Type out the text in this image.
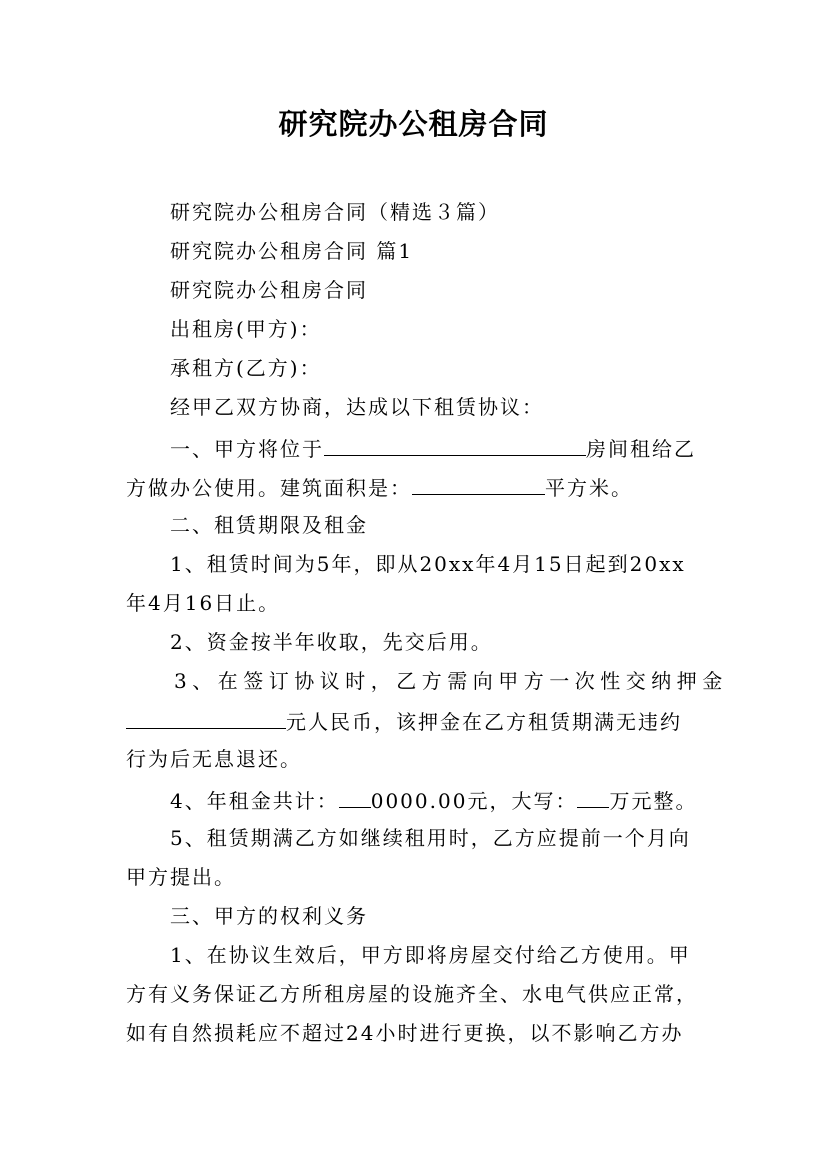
研究院办公租房合同
研究院办公租房合同（精选３篇）
研究院办公租房合同 篇1
研究院办公租房合同
出租房(甲方)：
承租方(乙方)：
经甲乙双方协商，达成以下租赁协议：
一、甲方将位于	房间租给乙
方做办公使用。建筑面积是：	平方米。
二、租赁期限及租金
1、租赁时间为5年，即从20xx年4月15日起到20xx
年4月16日止。
2、资金按半年收取，先交后用。
3、在签订协议时，乙方需向甲方一次性交纳押金
元人民币，该押金在乙方租赁期满无违约
行为后无息退还。
4、年租金共计： 0000.00元，大写： 万元整。
5、租赁期满乙方如继续租用时，乙方应提前一个月向
甲方提出。
三、甲方的权利义务
1、在协议生效后，甲方即将房屋交付给乙方使用。甲
方有义务保证乙方所租房屋的设施齐全、水电气供应正常，
如有自然损耗应不超过24小时进行更换，以不影响乙方办
